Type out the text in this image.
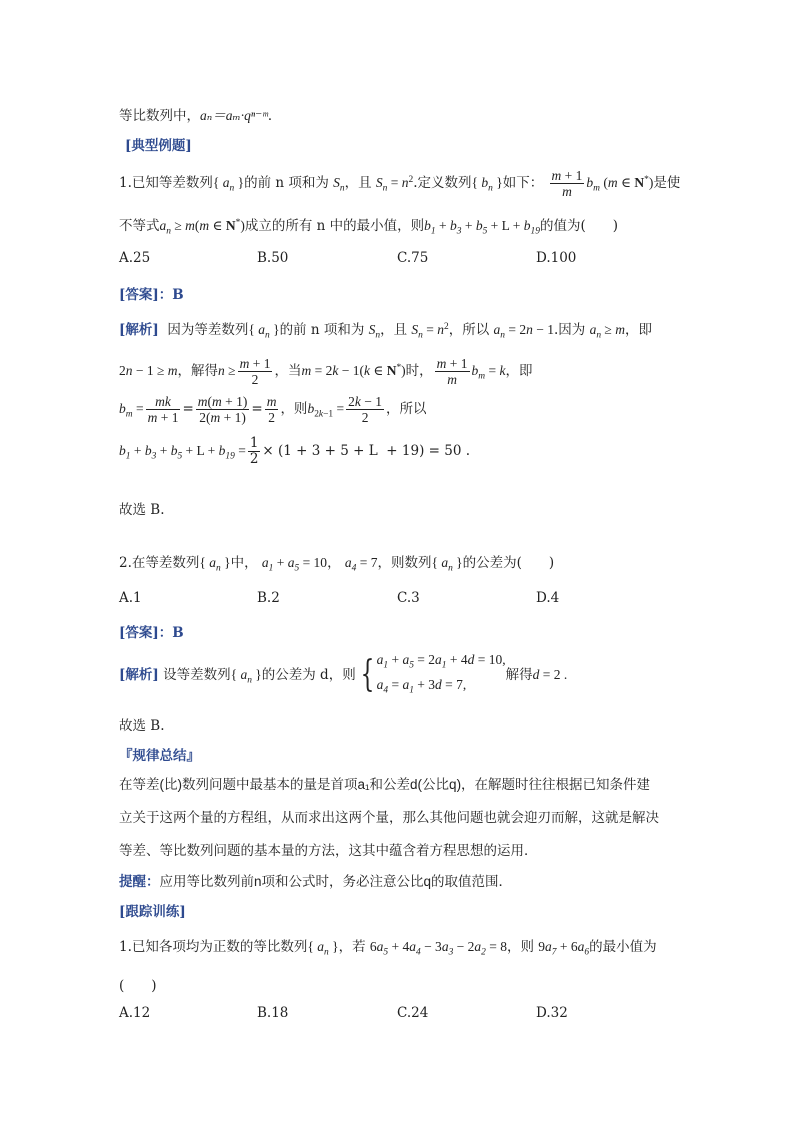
等比数列中，aₙ＝aₘ·qⁿ⁻ᵐ．
[典型例题]
1.已知等差数列{ $a_n$ }的前 n 项和为 $S_n$，且 $S_n = n^2$.定义数列{ $b_n$ }如下： $\frac{m + 1}{m} b_m$ (m ∈ N*)是使
不等式$a_n \ge m(m$ ∈ N*)成立的所有 n 中的最小值，则$b_1 + b_3 + b_5 + L + b_{19}$的值为(　　)
A.25	B.50	C.75	D.100
[答案]：B
[解析] 因为等差数列{ $a_n$ }的前 n 项和为 $S_n$，且 $S_n = n^2$，所以 $a_n = 2n - 1$.因为 $a_n \ge m$，即
2n − 1 ≥ m，解得$n \ge \frac{m + 1}{2}$ ，当m = 2k − 1(k ∈ N*)时， $\frac{m + 1}{m} b_m = k$，即
$b_m = \frac{mk}{m + 1} = \frac{m(m + 1)}{2(m + 1)} = \frac{m}{2}$ ，则$b_{2k-1} = \frac{2k - 1}{2}$ ，所以
$b_1 + b_3 + b_5 + L + b_{19} = \frac{1}{2} \times (1 + 3 + 5 + L + 19) = 50$ .
故选 B.
2.在等差数列{ $a_n$ }中， $a_1 + a_5 = 10$， $a_4 = 7$，则数列{ $a_n$ }的公差为(　　)
A.1	B.2	C.3	D.4
[答案]：B
[解析] 设等差数列{ $a_n$ }的公差为 d，则 { $a_1 + a_5 = 2a_1 + 4d = 10$,
$a_4 = a_1 + 3d = 7$,
解得d = 2 .
故选 B.
『规律总结』
在等差(比)数列问题中最基本的量是首项a₁和公差d(公比q)，在解题时往往根据已知条件建
立关于这两个量的方程组，从而求出这两个量，那么其他问题也就会迎刃而解，这就是解决
等差、等比数列问题的基本量的方法，这其中蕴含着方程思想的运用．
提醒：应用等比数列前n项和公式时，务必注意公比q的取值范围．
[跟踪训练]
1.已知各项均为正数的等比数列{ $a_n$ }，若 $6a_5 + 4a_4 - 3a_3 - 2a_2 = 8$，则 $9a_7 + 6a_6$的最小值为
(　　)
A.12	B.18	C.24	D.32
